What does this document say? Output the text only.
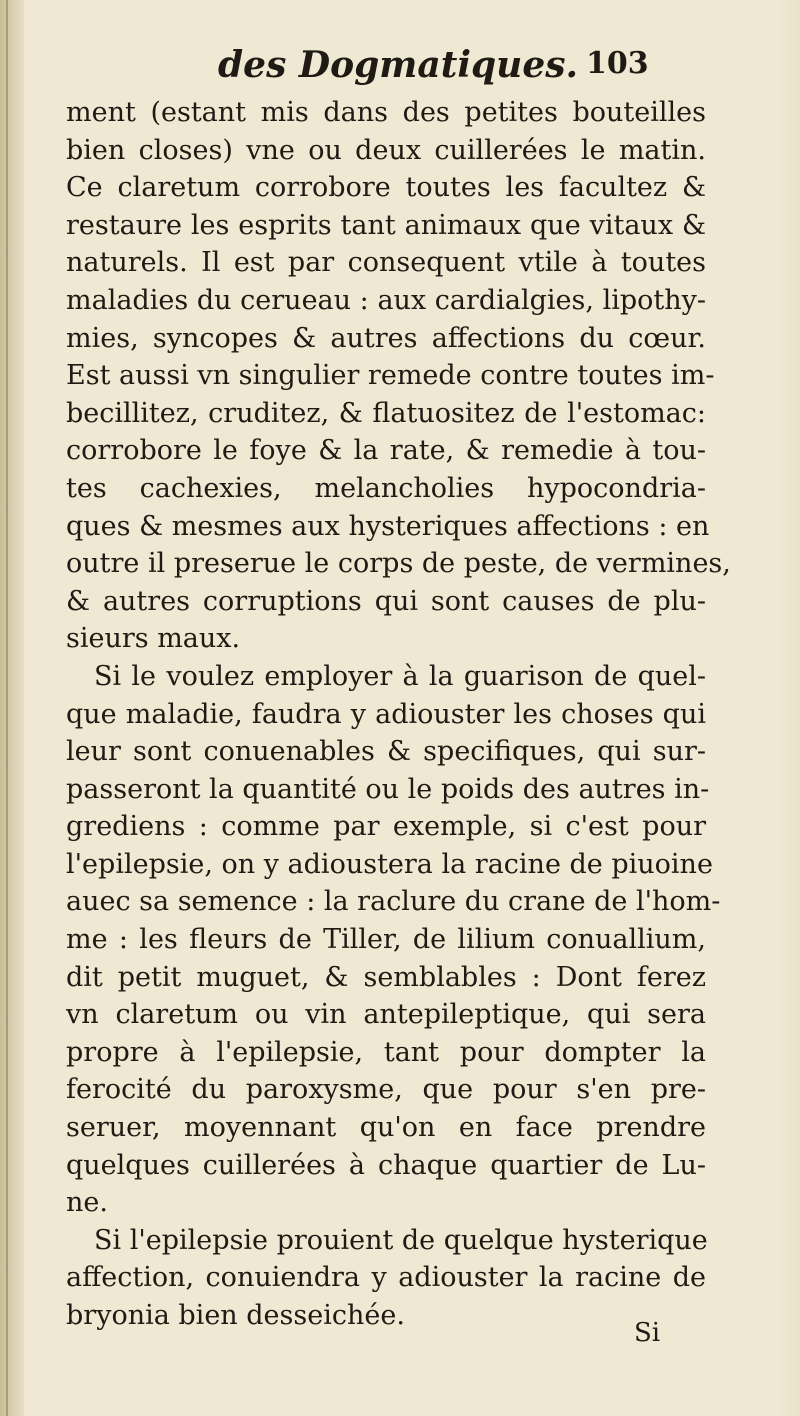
des Dogmatiques. 103
ment (estant mis dans des petites bouteilles
bien closes) vne ou deux cuillerées le matin.
Ce claretum corrobore toutes les facultez &
restaure les esprits tant animaux que vitaux &
naturels. Il est par consequent vtile à toutes
maladies du cerueau : aux cardialgies, lipothy-
mies, syncopes & autres affections du cœur.
Est aussi vn singulier remede contre toutes im-
becillitez, cruditez, & flatuositez de l'estomac:
corrobore le foye & la rate, & remedie à tou-
tes cachexies, melancholies hypocondria-
ques & mesmes aux hysteriques affections : en
outre il preserue le corps de peste, de vermines,
& autres corruptions qui sont causes de plu-
sieurs maux.
Si le voulez employer à la guarison de quel-
que maladie, faudra y adiouster les choses qui
leur sont conuenables & specifiques, qui sur-
passeront la quantité ou le poids des autres in-
grediens : comme par exemple, si c'est pour
l'epilepsie, on y adioustera la racine de piuoine
auec sa semence : la raclure du crane de l'hom-
me : les fleurs de Tiller, de lilium conuallium,
dit petit muguet, & semblables : Dont ferez
vn claretum ou vin antepileptique, qui sera
propre à l'epilepsie, tant pour dompter la
ferocité du paroxysme, que pour s'en pre-
seruer, moyennant qu'on en face prendre
quelques cuillerées à chaque quartier de Lu-
ne.
Si l'epilepsie prouient de quelque hysterique
affection, conuiendra y adiouster la racine de
bryonia bien desseichée.
Si
